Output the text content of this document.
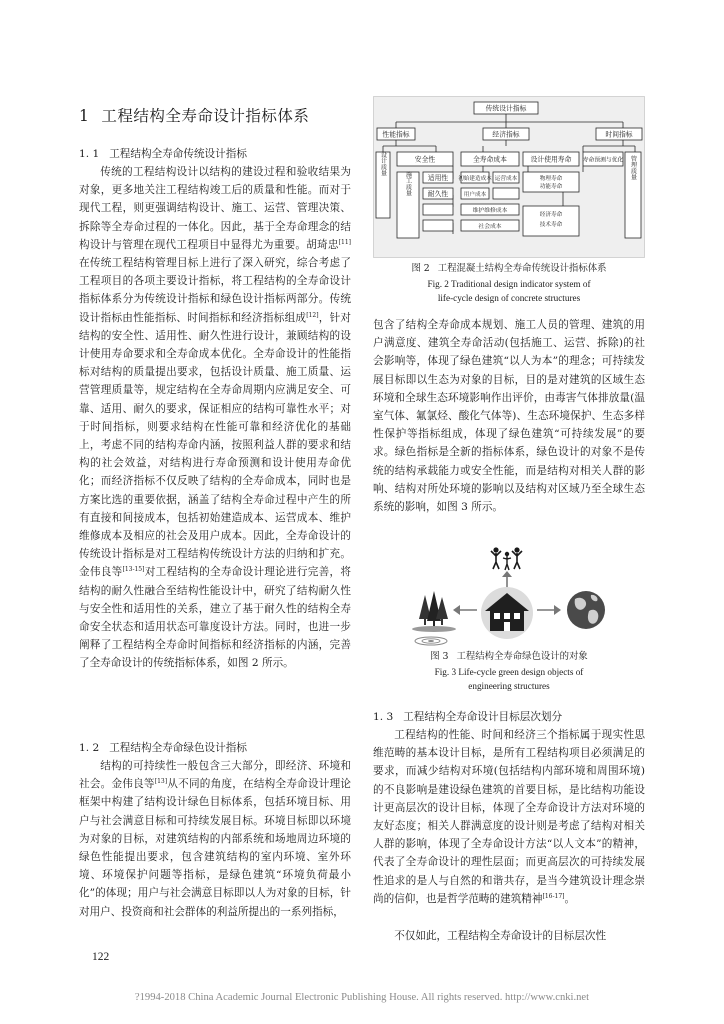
1 工程结构全寿命设计指标体系
1. 1 工程结构全寿命传统设计指标
传统的工程结构设计以结构的建设过程和验收结果为对象，更多地关注工程结构竣工后的质量和性能。而对于现代工程，则更强调结构设计、施工、运营、管理决策、拆除等全寿命过程的一体化。因此，基于全寿命理念的结构设计与管理在现代工程项目中显得尤为重要。胡琦忠[11]在传统工程结构管理目标上进行了深入研究，综合考虑了工程项目的各项主要设计指标，将工程结构的全寿命设计指标体系分为传统设计指标和绿色设计指标两部分。传统设计指标由性能指标、时间指标和经济指标组成[12]，针对结构的安全性、适用性、耐久性进行设计，兼顾结构的设计使用寿命要求和全寿命成本优化。全寿命设计的性能指标对结构的质量提出要求，包括设计质量、施工质量、运营管理质量等，规定结构在全寿命周期内应满足安全、可靠、适用、耐久的要求，保证相应的结构可靠性水平；对于时间指标，则要求结构在性能可靠和经济优化的基础上，考虑不同的结构寿命内涵，按照利益人群的要求和结构的社会效益，对结构进行寿命预测和设计使用寿命优化；而经济指标不仅反映了结构的全寿命成本，同时也是方案比选的重要依据，涵盖了结构全寿命过程中产生的所有直接和间接成本，包括初始建造成本、运营成本、维护维修成本及相应的社会及用户成本。因此，全寿命设计的传统设计指标是对工程结构传统设计方法的归纳和扩充。金伟良等[13-15]对工程结构的全寿命设计理论进行完善，将结构的耐久性融合至结构性能设计中，研究了结构耐久性与安全性和适用性的关系，建立了基于耐久性的结构全寿命安全状态和适用状态可靠度设计方法。同时，也进一步阐释了工程结构全寿命时间指标和经济指标的内涵，完善了全寿命设计的传统指标体系，如图 2 所示。
1. 2 工程结构全寿命绿色设计指标
结构的可持续性一般包含三大部分，即经济、环境和社会。金伟良等[13]从不同的角度，在结构全寿命设计理论框架中构建了结构设计绿色目标体系，包括环境目标、用户与社会满意目标和可持续发展目标。环境目标即以环境为对象的目标，对建筑结构的内部系统和场地周边环境的绿色性能提出要求，包含建筑结构的室内环境、室外环境、环境保护问题等指标，是绿色建筑“环境负荷最小化”的体现；用户与社会满意目标即以人为对象的目标，针对用户、投资商和社会群体的利益所提出的一系列指标，
122
传统设计指标
性能指标	经济指标	时间指标
安全性
适用性
耐久性
全寿命成本
初始建造成本 运营成本
维护维修成本
社会成本
用户成本
设计使用寿命
物理寿命
功能寿命
经济寿命
技术寿命
寿命预测与优化
设计质量
施工质量
管理质量
图 2 工程混凝土结构全寿命传统设计指标体系
Fig. 2 Traditional design indicator system of
life-cycle design of concrete structures
包含了结构全寿命成本规划、施工人员的管理、建筑的用户满意度、建筑全寿命活动(包括施工、运营、拆除)的社会影响等，体现了绿色建筑“以人为本”的理念；可持续发展目标即以生态为对象的目标，目的是对建筑的区域生态环境和全球生态环境影响作出评价，由毒害气体排放量(温室气体、氟氯烃、酸化气体等)、生态环境保护、生态多样性保护等指标组成，体现了绿色建筑“可持续发展”的要求。绿色指标是全新的指标体系，绿色设计的对象不是传统的结构承载能力或安全性能，而是结构对相关人群的影响、结构对所处环境的影响以及结构对区域乃至全球生态系统的影响，如图 3 所示。
图 3 工程结构全寿命绿色设计的对象
Fig. 3 Life-cycle green design objects of
engineering structures
1. 3 工程结构全寿命设计目标层次划分
工程结构的性能、时间和经济三个指标属于现实性思维范畴的基本设计目标，是所有工程结构项目必须满足的要求，而减少结构对环境(包括结构内部环境和周围环境)的不良影响是建设绿色建筑的首要目标，是比结构功能设计更高层次的设计目标，体现了全寿命设计方法对环境的友好态度；相关人群满意度的设计则是考虑了结构对相关人群的影响，体现了全寿命设计方法“以人文本”的精神，代表了全寿命设计的理性层面；而更高层次的可持续发展性追求的是人与自然的和谐共存，是当今建筑设计理念崇尚的信仰，也是哲学范畴的建筑精神[16-17]。
不仅如此，工程结构全寿命设计的目标层次性
?1994-2018 China Academic Journal Electronic Publishing House. All rights reserved. http://www.cnki.net
